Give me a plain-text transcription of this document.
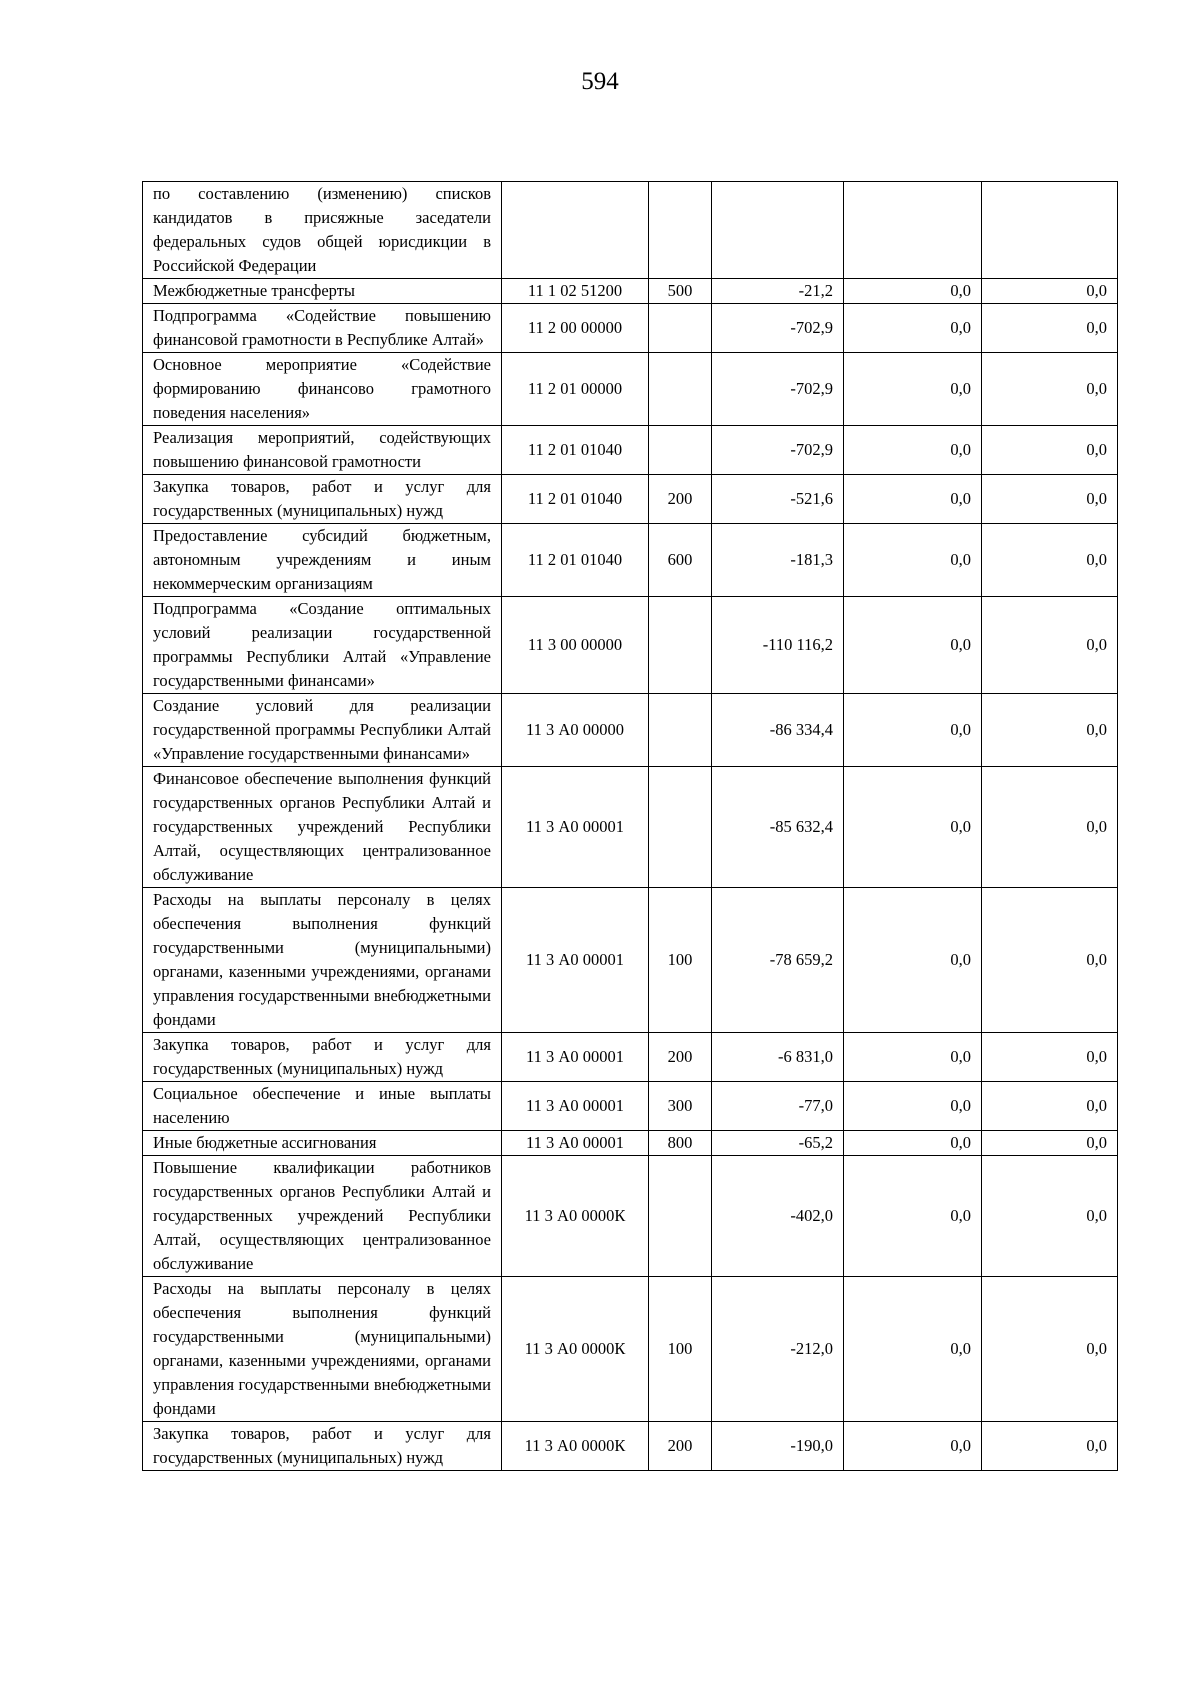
594
по составлению (изменению) списков кандидатов в присяжные заседатели федеральных судов общей юрисдикции в Российской Федерации					
Межбюджетные трансферты	11 1 02 51200	500	-21,2	0,0	0,0
Подпрограмма «Содействие повышению финансовой грамотности в Республике Алтай»	11 2 00 00000		-702,9	0,0	0,0
Основное мероприятие «Содействие формированию финансово грамотного поведения населения»	11 2 01 00000		-702,9	0,0	0,0
Реализация мероприятий, содействующих повышению финансовой грамотности	11 2 01 01040		-702,9	0,0	0,0
Закупка товаров, работ и услуг для государственных (муниципальных) нужд	11 2 01 01040	200	-521,6	0,0	0,0
Предоставление субсидий бюджетным, автономным учреждениям и иным некоммерческим организациям	11 2 01 01040	600	-181,3	0,0	0,0
Подпрограмма «Создание оптимальных условий реализации государственной программы Республики Алтай «Управление государственными финансами»	11 3 00 00000		-110 116,2	0,0	0,0
Создание условий для реализации государственной программы Республики Алтай «Управление государственными финансами»	11 3 А0 00000		-86 334,4	0,0	0,0
Финансовое обеспечение выполнения функций государственных органов Республики Алтай и государственных учреждений Республики Алтай, осуществляющих централизованное обслуживание	11 3 А0 00001		-85 632,4	0,0	0,0
Расходы на выплаты персоналу в целях обеспечения выполнения функций государственными (муниципальными) органами, казенными учреждениями, органами управления государственными внебюджетными фондами	11 3 А0 00001	100	-78 659,2	0,0	0,0
Закупка товаров, работ и услуг для государственных (муниципальных) нужд	11 3 А0 00001	200	-6 831,0	0,0	0,0
Социальное обеспечение и иные выплаты населению	11 3 А0 00001	300	-77,0	0,0	0,0
Иные бюджетные ассигнования	11 3 А0 00001	800	-65,2	0,0	0,0
Повышение квалификации работников государственных органов Республики Алтай и государственных учреждений Республики Алтай, осуществляющих централизованное обслуживание	11 3 А0 0000К		-402,0	0,0	0,0
Расходы на выплаты персоналу в целях обеспечения выполнения функций государственными (муниципальными) органами, казенными учреждениями, органами управления государственными внебюджетными фондами	11 3 А0 0000К	100	-212,0	0,0	0,0
Закупка товаров, работ и услуг для государственных (муниципальных) нужд	11 3 А0 0000К	200	-190,0	0,0	0,0
